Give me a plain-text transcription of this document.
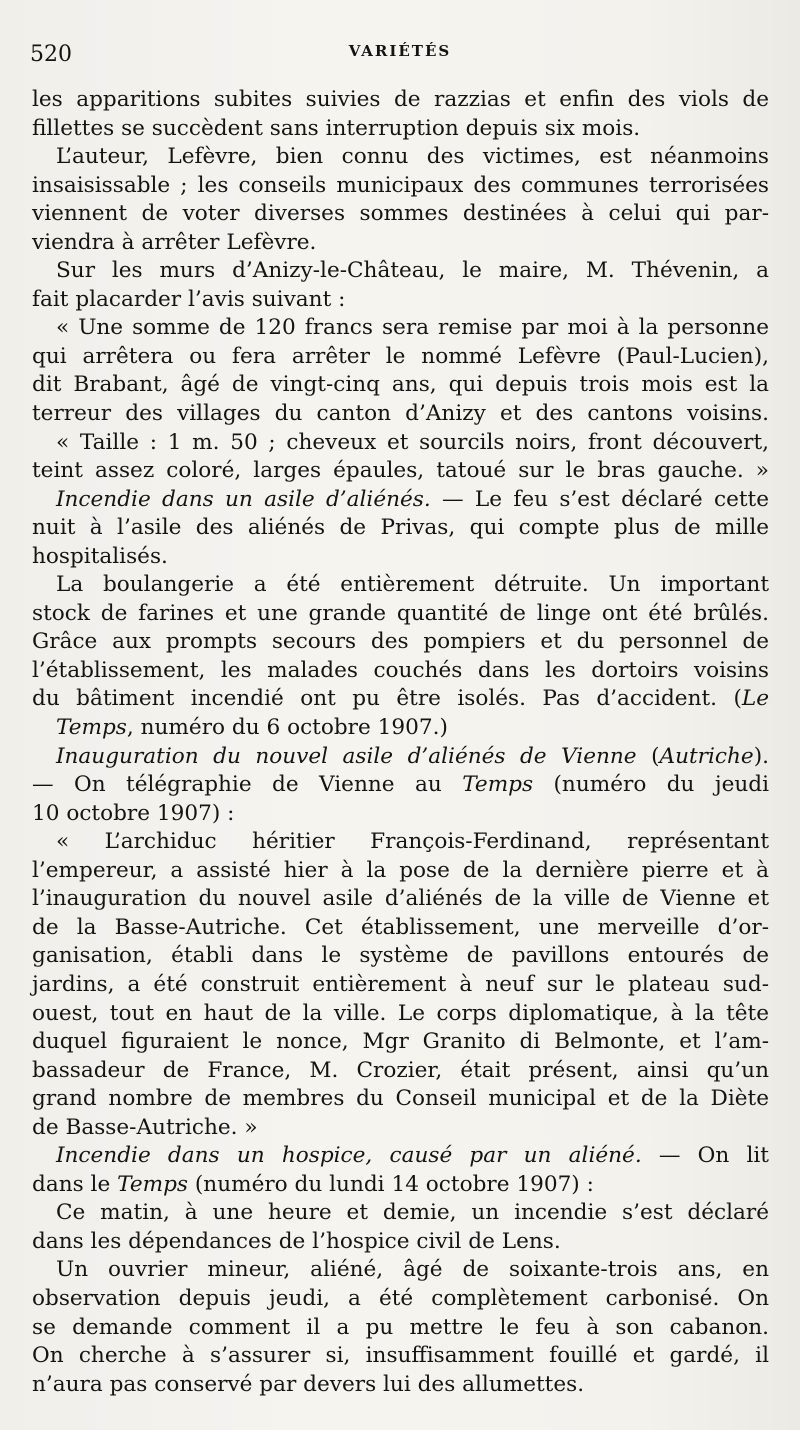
520	VARIÉTÉS

les apparitions subites suivies de razzias et enfin des viols de
fillettes se succèdent sans interruption depuis six mois.

L’auteur, Lefèvre, bien connu des victimes, est néanmoins
insaisissable ; les conseils municipaux des communes terrorisées
viennent de voter diverses sommes destinées à celui qui par-
viendra à arrêter Lefèvre.

Sur les murs d’Anizy-le-Château, le maire, M. Thévenin, a
fait placarder l’avis suivant :

« Une somme de 120 francs sera remise par moi à la personne
qui arrêtera ou fera arrêter le nommé Lefèvre (Paul-Lucien),
dit Brabant, âgé de vingt-cinq ans, qui depuis trois mois est la
terreur des villages du canton d’Anizy et des cantons voisins.

« Taille : 1 m. 50 ; cheveux et sourcils noirs, front découvert,
teint assez coloré, larges épaules, tatoué sur le bras gauche. »

Incendie dans un asile d’aliénés. — Le feu s’est déclaré cette
nuit à l’asile des aliénés de Privas, qui compte plus de mille
hospitalisés.

La boulangerie a été entièrement détruite. Un important
stock de farines et une grande quantité de linge ont été brûlés.
Grâce aux prompts secours des pompiers et du personnel de
l’établissement, les malades couchés dans les dortoirs voisins
du bâtiment incendié ont pu être isolés. Pas d’accident. (Le
Temps, numéro du 6 octobre 1907.)

Inauguration du nouvel asile d’aliénés de Vienne (Autriche).
— On télégraphie de Vienne au Temps (numéro du jeudi
10 octobre 1907) :

« L’archiduc héritier François-Ferdinand, représentant
l’empereur, a assisté hier à la pose de la dernière pierre et à
l’inauguration du nouvel asile d’aliénés de la ville de Vienne et
de la Basse-Autriche. Cet établissement, une merveille d’or-
ganisation, établi dans le système de pavillons entourés de
jardins, a été construit entièrement à neuf sur le plateau sud-
ouest, tout en haut de la ville. Le corps diplomatique, à la tête
duquel figuraient le nonce, Mgr Granito di Belmonte, et l’am-
bassadeur de France, M. Crozier, était présent, ainsi qu’un
grand nombre de membres du Conseil municipal et de la Diète
de Basse-Autriche. »

Incendie dans un hospice, causé par un aliéné. — On lit
dans le Temps (numéro du lundi 14 octobre 1907) :

Ce matin, à une heure et demie, un incendie s’est déclaré
dans les dépendances de l’hospice civil de Lens.

Un ouvrier mineur, aliéné, âgé de soixante-trois ans, en
observation depuis jeudi, a été complètement carbonisé. On
se demande comment il a pu mettre le feu à son cabanon.
On cherche à s’assurer si, insuffisamment fouillé et gardé, il
n’aura pas conservé par devers lui des allumettes.
